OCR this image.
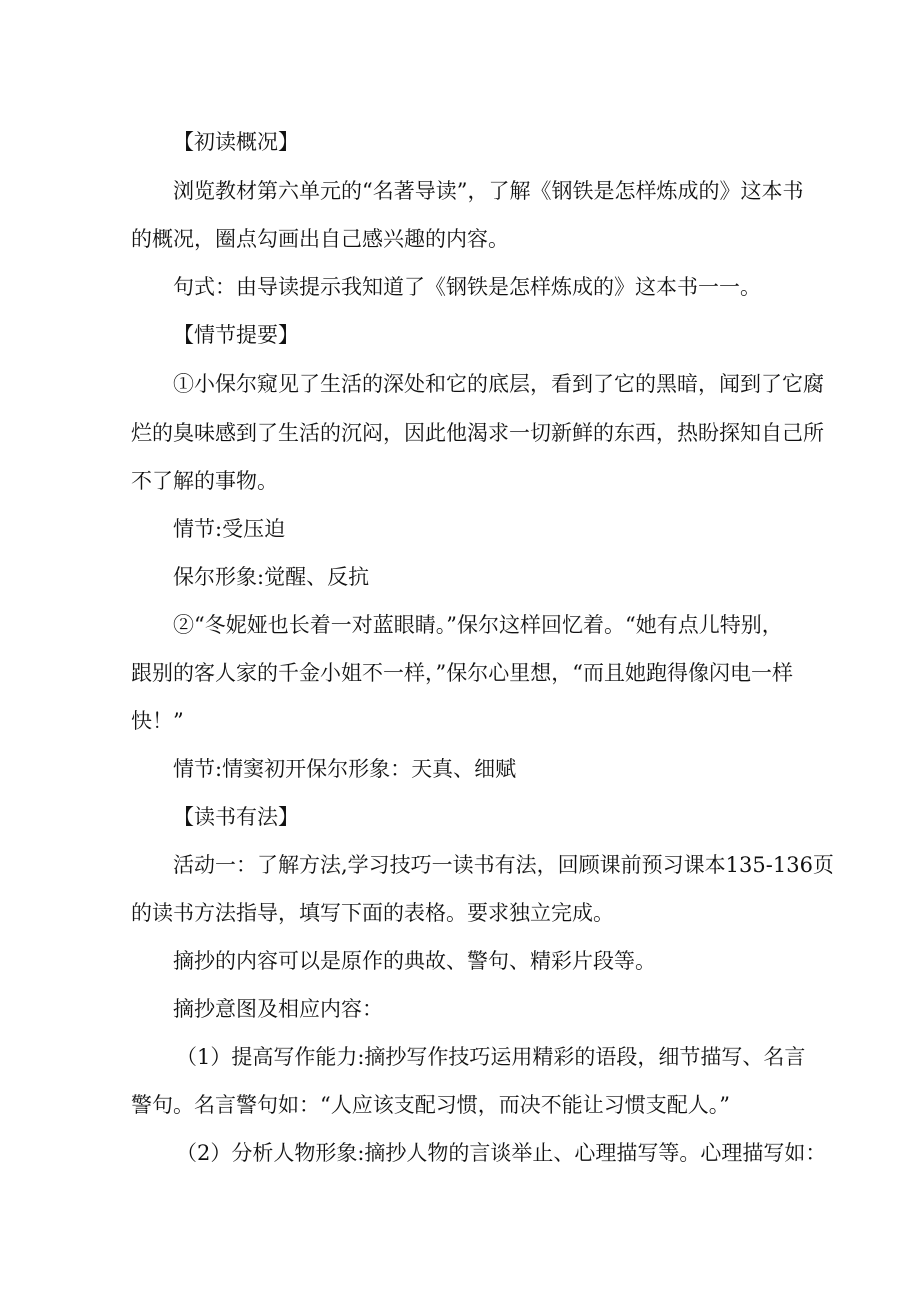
【初读概况】
浏览教材第六单元的“名著导读”，了解《钢铁是怎样炼成的》这本书
的概况，圈点勾画出自己感兴趣的内容。
句式：由导读提示我知道了《钢铁是怎样炼成的》这本书一一。
【情节提要】
①小保尔窥见了生活的深处和它的底层，看到了它的黑暗，闻到了它腐
烂的臭味感到了生活的沉闷，因此他渴求一切新鲜的东西，热盼探知自己所
不了解的事物。
情节:受压迫
保尔形象:觉醒、反抗
②“冬妮娅也长着一对蓝眼睛。”保尔这样回忆着。“她有点儿特别，
跟别的客人家的千金小姐不一样，”保尔心里想，“而且她跑得像闪电一样
快！”
情节:情窦初开保尔形象：天真、细赋
【读书有法】
活动一：了解方法,学习技巧一读书有法，回顾课前预习课本135-136页
的读书方法指导，填写下面的表格。要求独立完成。
摘抄的内容可以是原作的典故、警句、精彩片段等。
摘抄意图及相应内容：
（1）提高写作能力:摘抄写作技巧运用精彩的语段，细节描写、名言
警句。名言警句如：“人应该支配习惯，而决不能让习惯支配人。”
（2）分析人物形象:摘抄人物的言谈举止、心理描写等。心理描写如：
